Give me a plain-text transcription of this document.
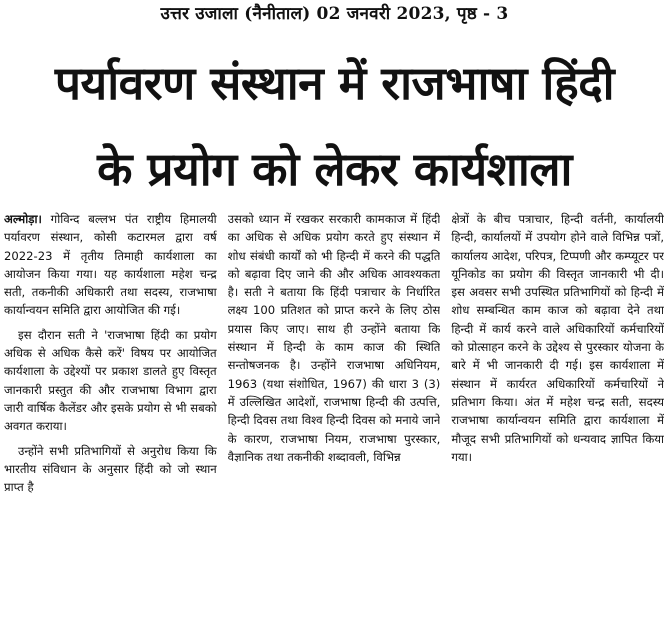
उत्तर उजाला (नैनीताल) 02 जनवरी 2023, पृष्ठ - 3
पर्यावरण संस्थान में राजभाषा हिंदी
के प्रयोग को लेकर कार्यशाला

अल्मोड़ा। गोविन्द बल्लभ पंत राष्ट्रीय हिमालयी पर्यावरण संस्थान, कोसी कटारमल द्वारा वर्ष 2022-23 में तृतीय तिमाही कार्यशाला का आयोजन किया गया। यह कार्यशाला महेश चन्द्र सती, तकनीकी अधिकारी तथा सदस्य, राजभाषा कार्यान्वयन समिति द्वारा आयोजित की गई।

इस दौरान सती ने 'राजभाषा हिंदी का प्रयोग अधिक से अधिक कैसे करें' विषय पर आयोजित कार्यशाला के उद्देश्यों पर प्रकाश डालते हुए विस्तृत जानकारी प्रस्तुत की और राजभाषा विभाग द्वारा जारी वार्षिक कैलेंडर और इसके प्रयोग से भी सबको अवगत कराया।

उन्होंने सभी प्रतिभागियों से अनुरोध किया कि भारतीय संविधान के अनुसार हिंदी को जो स्थान प्राप्त है

उसको ध्यान में रखकर सरकारी कामकाज में हिंदी का अधिक से अधिक प्रयोग करते हुए संस्थान में शोध संबंधी कार्यों को भी हिन्दी में करने की पद्धति को बढ़ावा दिए जाने की और अधिक आवश्यकता है। सती ने बताया कि हिंदी पत्राचार के निर्धारित लक्ष्य 100 प्रतिशत को प्राप्त करने के लिए ठोस प्रयास किए जाए। साथ ही उन्होंने बताया कि संस्थान में हिन्दी के काम काज की स्थिति सन्तोषजनक है। उन्होंने राजभाषा अधिनियम, 1963 (यथा संशोधित, 1967) की धारा 3 (3) में उल्लिखित आदेशों, राजभाषा हिन्दी की उत्पत्ति, हिन्दी दिवस तथा विश्व हिन्दी दिवस को मनाये जाने के कारण, राजभाषा नियम, राजभाषा पुरस्कार, वैज्ञानिक तथा तकनीकी शब्दावली, विभिन्न

क्षेत्रों के बीच पत्राचार, हिन्दी वर्तनी, कार्यालयी हिन्दी, कार्यालयों में उपयोग होने वाले विभिन्न पत्रों, कार्यालय आदेश, परिपत्र, टिप्पणी और कम्प्यूटर पर यूनिकोड का प्रयोग की विस्तृत जानकारी भी दी। इस अवसर सभी उपस्थित प्रतिभागियों को हिन्दी में शोध सम्बन्धित काम काज को बढ़ावा देने तथा हिन्दी में कार्य करने वाले अधिकारियों कर्मचारियों को प्रोत्साहन करने के उद्देश्य से पुरस्कार योजना के बारे में भी जानकारी दी गई। इस कार्यशाला में संस्थान में कार्यरत अधिकारियों कर्मचारियों ने प्रतिभाग किया। अंत में महेश चन्द्र सती, सदस्य राजभाषा कार्यान्वयन समिति द्वारा कार्यशाला में मौजूद सभी प्रतिभागियों को धन्यवाद ज्ञापित किया गया।
